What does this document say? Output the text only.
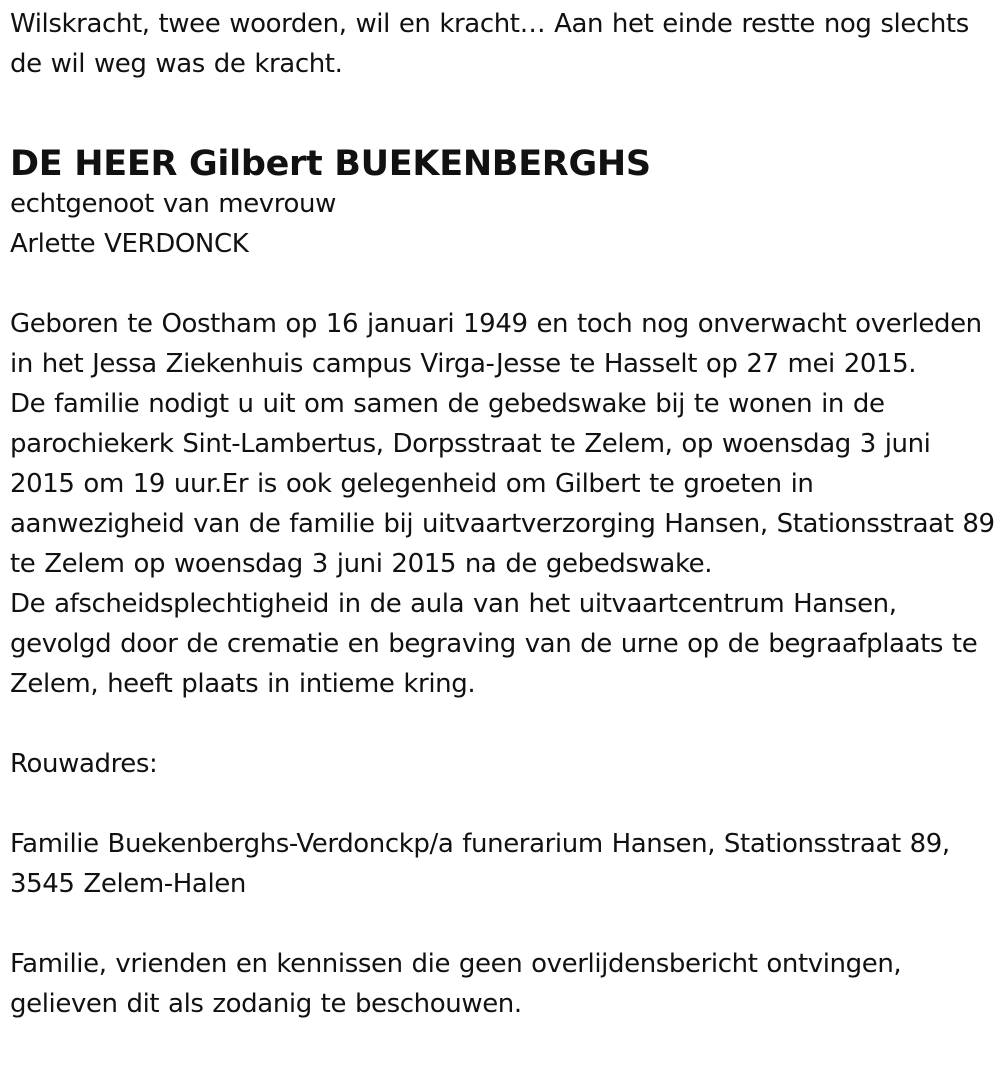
Wilskracht, twee woorden, wil en kracht… Aan het einde restte nog slechts de wil weg was de kracht.

DE HEER Gilbert BUEKENBERGHS

echtgenoot van mevrouw
Arlette VERDONCK

Geboren te Oostham op 16 januari 1949 en toch nog onverwacht overleden in het Jessa Ziekenhuis campus Virga-Jesse te Hasselt op 27 mei 2015.

De familie nodigt u uit om samen de gebedswake bij te wonen in de parochiekerk Sint-Lambertus, Dorpsstraat te Zelem, op woensdag 3 juni 2015 om 19 uur.Er is ook gelegenheid om Gilbert te groeten in aanwezigheid van de familie bij uitvaartverzorging Hansen, Stationsstraat 89 te Zelem op woensdag 3 juni 2015 na de gebedswake.

De afscheidsplechtigheid in de aula van het uitvaartcentrum Hansen, gevolgd door de crematie en begraving van de urne op de begraafplaats te Zelem, heeft plaats in intieme kring.

Rouwadres:

Familie Buekenberghs-Verdonckp/a funerarium Hansen, Stationsstraat 89, 3545 Zelem-Halen

Familie, vrienden en kennissen die geen overlijdensbericht ontvingen, gelieven dit als zodanig te beschouwen.
